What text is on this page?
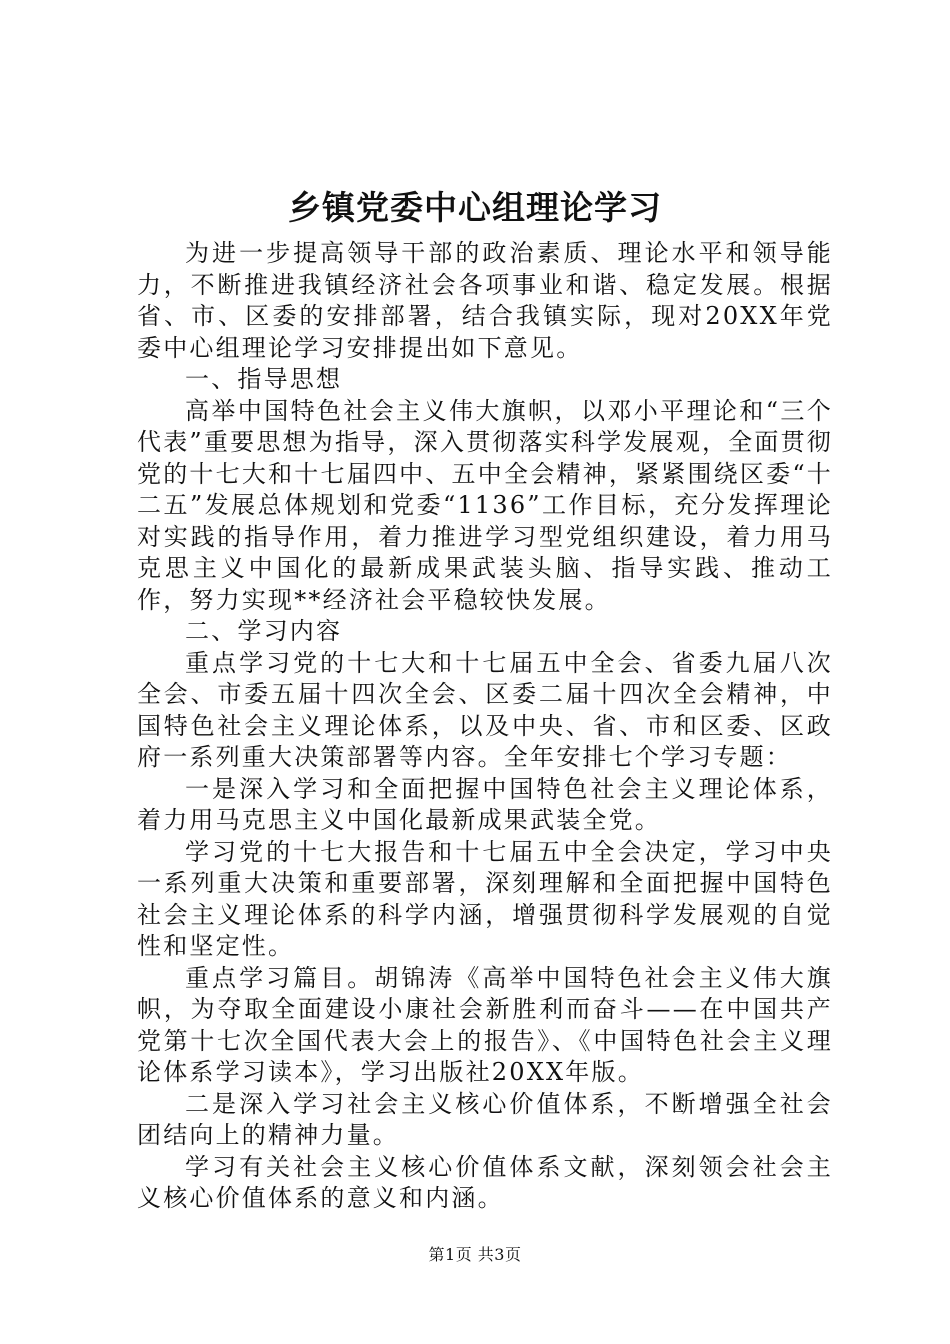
乡镇党委中心组理论学习

为进一步提高领导干部的政治素质、理论水平和领导能力，不断推进我镇经济社会各项事业和谐、稳定发展。根据省、市、区委的安排部署，结合我镇实际，现对20XX年党委中心组理论学习安排提出如下意见。

一、指导思想

高举中国特色社会主义伟大旗帜，以邓小平理论和“三个代表”重要思想为指导，深入贯彻落实科学发展观，全面贯彻党的十七大和十七届四中、五中全会精神，紧紧围绕区委“十二五”发展总体规划和党委“1136”工作目标，充分发挥理论对实践的指导作用，着力推进学习型党组织建设，着力用马克思主义中国化的最新成果武装头脑、指导实践、推动工作，努力实现**经济社会平稳较快发展。

二、学习内容

重点学习党的十七大和十七届五中全会、省委九届八次全会、市委五届十四次全会、区委二届十四次全会精神，中国特色社会主义理论体系，以及中央、省、市和区委、区政府一系列重大决策部署等内容。全年安排七个学习专题：

一是深入学习和全面把握中国特色社会主义理论体系，着力用马克思主义中国化最新成果武装全党。

学习党的十七大报告和十七届五中全会决定，学习中央一系列重大决策和重要部署，深刻理解和全面把握中国特色社会主义理论体系的科学内涵，增强贯彻科学发展观的自觉性和坚定性。

重点学习篇目。胡锦涛《高举中国特色社会主义伟大旗帜，为夺取全面建设小康社会新胜利而奋斗——在中国共产党第十七次全国代表大会上的报告》、《中国特色社会主义理论体系学习读本》，学习出版社20XX年版。

二是深入学习社会主义核心价值体系，不断增强全社会团结向上的精神力量。

学习有关社会主义核心价值体系文献，深刻领会社会主义核心价值体系的意义和内涵。

第1页 共3页
